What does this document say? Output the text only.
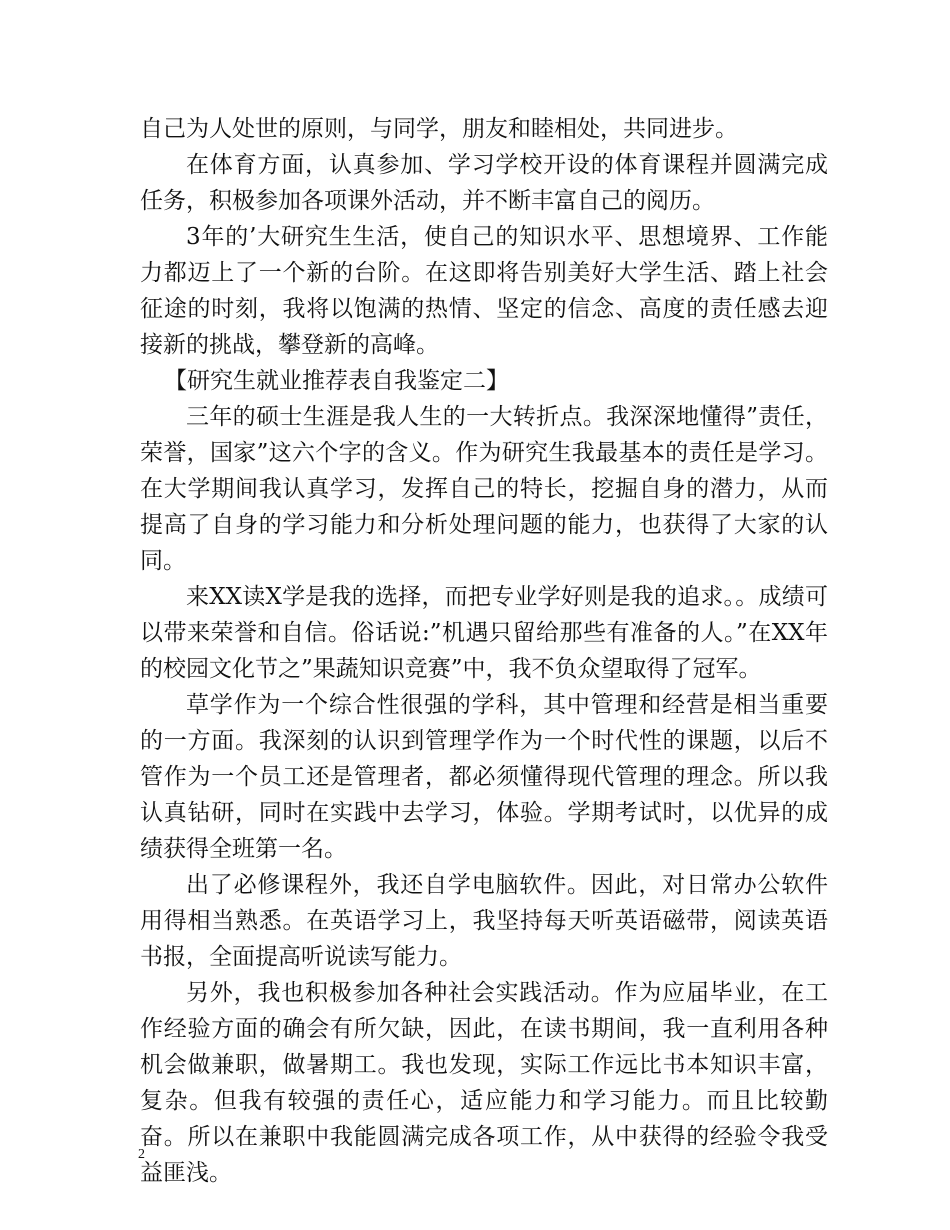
自己为人处世的原则，与同学，朋友和睦相处，共同进步。

在体育方面，认真参加、学习学校开设的体育课程并圆满完成任务，积极参加各项课外活动，并不断丰富自己的阅历。

3年的’大研究生生活，使自己的知识水平、思想境界、工作能力都迈上了一个新的台阶。在这即将告别美好大学生活、踏上社会征途的时刻，我将以饱满的热情、坚定的信念、高度的责任感去迎接新的挑战，攀登新的高峰。

【研究生就业推荐表自我鉴定二】

三年的硕士生涯是我人生的一大转折点。我深深地懂得”责任，荣誉，国家”这六个字的含义。作为研究生我最基本的责任是学习。在大学期间我认真学习，发挥自己的特长，挖掘自身的潜力，从而提高了自身的学习能力和分析处理问题的能力，也获得了大家的认同。

来XX读X学是我的选择，而把专业学好则是我的追求。。成绩可以带来荣誉和自信。俗话说:”机遇只留给那些有准备的人。”在XX年的校园文化节之”果蔬知识竞赛”中，我不负众望取得了冠军。

草学作为一个综合性很强的学科，其中管理和经营是相当重要的一方面。我深刻的认识到管理学作为一个时代性的课题，以后不管作为一个员工还是管理者，都必须懂得现代管理的理念。所以我认真钻研，同时在实践中去学习，体验。学期考试时，以优异的成绩获得全班第一名。

出了必修课程外，我还自学电脑软件。因此，对日常办公软件用得相当熟悉。在英语学习上，我坚持每天听英语磁带，阅读英语书报，全面提高听说读写能力。

另外，我也积极参加各种社会实践活动。作为应届毕业，在工作经验方面的确会有所欠缺，因此，在读书期间，我一直利用各种机会做兼职，做暑期工。我也发现，实际工作远比书本知识丰富，复杂。但我有较强的责任心，适应能力和学习能力。而且比较勤奋。所以在兼职中我能圆满完成各项工作，从中获得的经验令我受益匪浅。

2
